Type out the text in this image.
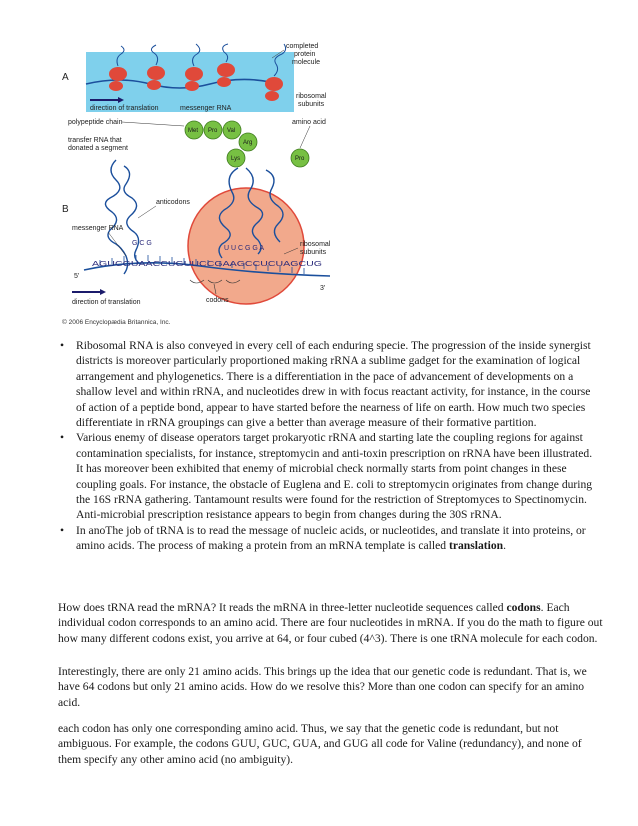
A
completed
protein
molecule
direction of translation	messenger RNA
ribosomal
subunits
polypeptide chain	amino acid
transfer RNA that
donated a segment
Met Pro Val
Arg
Lys	Pro
anticodons
B
messenger RNA
G C G
U U C G G A
ribosomal
subunits
AGUCGUAACCUGUUCCGAAGCCUCUAGCUG
5'
3'
codons
direction of translation
© 2006 Encyclopædia Britannica, Inc.
• Ribosomal RNA is also conveyed in every cell of each enduring specie. The progression of the inside synergist districts is moreover particularly proportioned making rRNA a sublime gadget for the examination of logical arrangement and phylogenetics. There is a differentiation in the pace of advancement of developments on a shallow level and within rRNA, and nucleotides drew in with focus reactant activity, for instance, in the course of action of a peptide bond, appear to have started before the nearness of life on earth. How much two species differentiate in rRNA groupings can give a better than average measure of their formative partition.
• Various enemy of disease operators target prokaryotic rRNA and starting late the coupling regions for against contamination specialists, for instance, streptomycin and anti-toxin prescription on rRNA have been illustrated. It has moreover been exhibited that enemy of microbial check normally starts from point changes in these coupling goals. For instance, the obstacle of Euglena and E. coli to streptomycin originates from change during the 16S rRNA gathering. Tantamount results were found for the restriction of Streptomyces to Spectinomycin. Anti-microbial prescription resistance appears to begin from changes during the 30S rRNA.
• In anoThe job of tRNA is to read the message of nucleic acids, or nucleotides, and translate it into proteins, or amino acids. The process of making a protein from an mRNA template is called translation.

How does tRNA read the mRNA? It reads the mRNA in three-letter nucleotide sequences called codons. Each individual codon corresponds to an amino acid. There are four nucleotides in mRNA. If you do the math to figure out how many different codons exist, you arrive at 64, or four cubed (4^3). There is one tRNA molecule for each codon.

Interestingly, there are only 21 amino acids. This brings up the idea that our genetic code is redundant. That is, we have 64 codons but only 21 amino acids. How do we resolve this? More than one codon can specify for an amino acid.

each codon has only one corresponding amino acid. Thus, we say that the genetic code is redundant, but not ambiguous. For example, the codons GUU, GUC, GUA, and GUG all code for Valine (redundancy), and none of them specify any other amino acid (no ambiguity).
